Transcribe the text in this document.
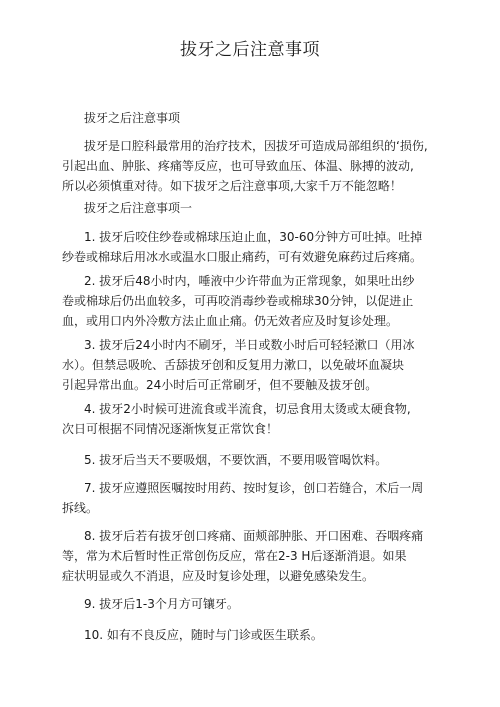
拔牙之后注意事项

拔牙之后注意事项

拔牙是口腔科最常用的治疗技术，因拔牙可造成局部组织的‘损伤,
引起出血、肿胀、疼痛等反应，也可导致血压、体温、脉搏的波动,
所以必须慎重对待。如下拔牙之后注意事项,大家千万不能忽略！

拔牙之后注意事项一

1. 拔牙后咬住纱卷或棉球压迫止血，30-60分钟方可吐掉。吐掉
纱卷或棉球后用冰水或温水口服止痛药，可有效避免麻药过后疼痛。

2. 拔牙后48小时内，唾液中少许带血为正常现象，如果吐出纱
卷或棉球后仍出血较多，可再咬消毒纱卷或棉球30分钟，以促进止
血，或用口内外冷敷方法止血止痛。仍无效者应及时复诊处理。

3. 拔牙后24小时内不刷牙，半日或数小时后可轻轻漱口（用冰
水）。但禁忌吸吮、舌舔拔牙创和反复用力漱口，以免破坏血凝块
引起异常出血。24小时后可正常刷牙，但不要触及拔牙创。

4. 拔牙2小时候可进流食或半流食，切忌食用太烫或太硬食物,
次日可根据不同情况逐渐恢复正常饮食！

5. 拔牙后当天不要吸烟，不要饮酒，不要用吸管喝饮料。

7. 拔牙应遵照医嘱按时用药、按时复诊，创口若缝合，术后一周
拆线。

8. 拔牙后若有拔牙创口疼痛、面颊部肿胀、开口困难、吞咽疼痛
等，常为术后暂时性正常创伤反应，常在2-3 H后逐渐消退。如果
症状明显或久不消退，应及时复诊处理，以避免感染发生。

9. 拔牙后1-3个月方可镶牙。

10. 如有不良反应，随时与门诊或医生联系。
